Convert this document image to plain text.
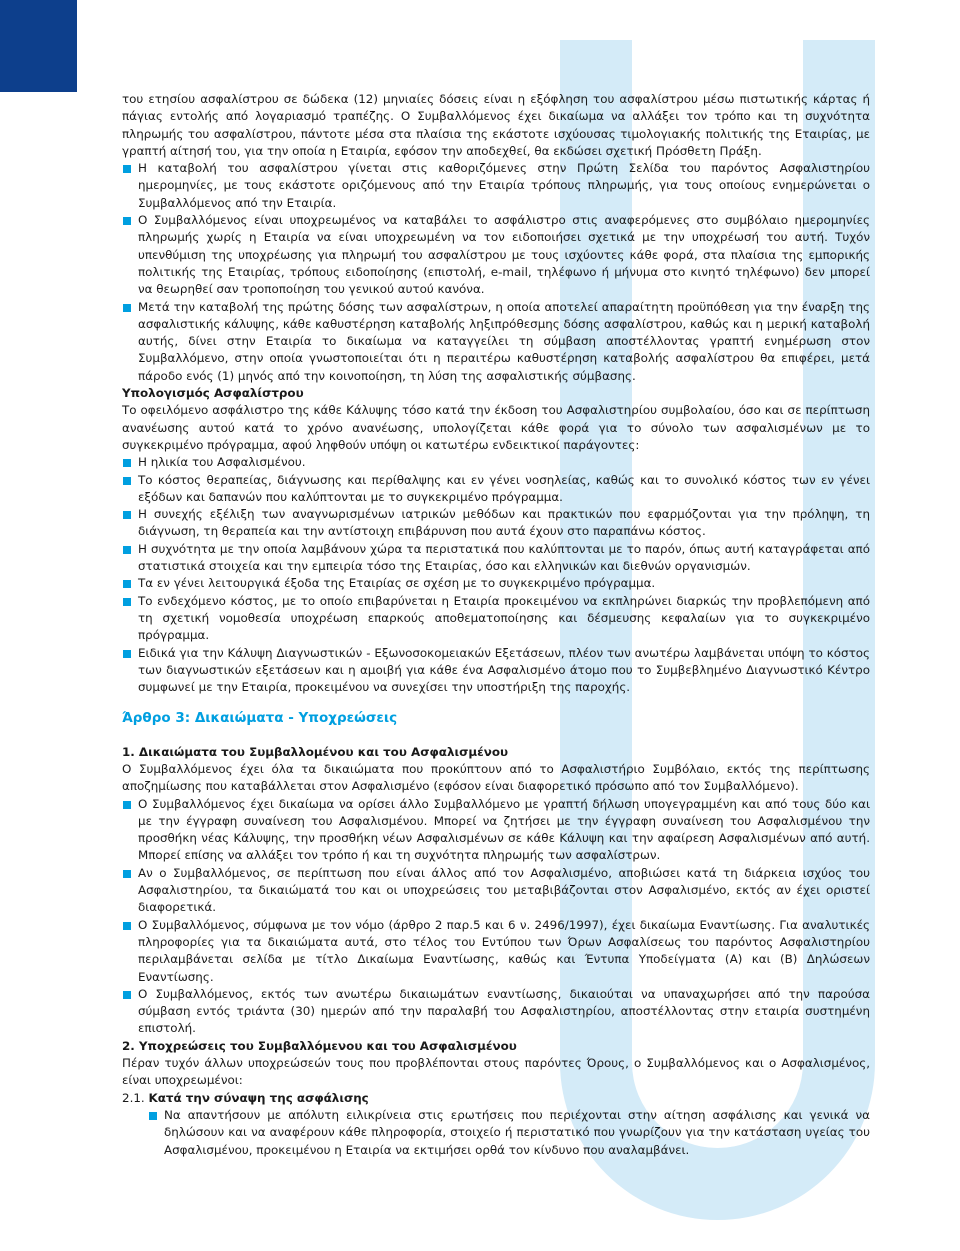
του ετησίου ασφαλίστρου σε δώδεκα (12) μηνιαίες δόσεις είναι η εξόφληση του ασφαλίστρου μέσω πιστωτικής κάρτας ή πάγιας εντολής από λογαριασμό τραπέζης. Ο Συμβαλλόμενος έχει δικαίωμα να αλλάξει τον τρόπο και τη συχνότητα πληρωμής του ασφαλίστρου, πάντοτε μέσα στα πλαίσια της εκάστοτε ισχύουσας τιμολογιακής πολιτικής της Εταιρίας, με γραπτή αίτησή του, για την οποία η Εταιρία, εφόσον την αποδεχθεί, θα εκδώσει σχετική Πρόσθετη Πράξη.

Η καταβολή του ασφαλίστρου γίνεται στις καθοριζόμενες στην Πρώτη Σελίδα του παρόντος Ασφαλιστηρίου ημερομηνίες, με τους εκάστοτε οριζόμενους από την Εταιρία τρόπους πληρωμής, για τους οποίους ενημερώνεται ο Συμβαλλόμενος από την Εταιρία.
Ο Συμβαλλόμενος είναι υποχρεωμένος να καταβάλει το ασφάλιστρο στις αναφερόμενες στο συμβόλαιο ημερομηνίες πληρωμής χωρίς η Εταιρία να είναι υποχρεωμένη να τον ειδοποιήσει σχετικά με την υποχρέωσή του αυτή. Τυχόν υπενθύμιση της υποχρέωσης για πληρωμή του ασφαλίστρου με τους ισχύοντες κάθε φορά, στα πλαίσια της εμπορικής πολιτικής της Εταιρίας, τρόπους ειδοποίησης (επιστολή, e-mail, τηλέφωνο ή μήνυμα στο κινητό τηλέφωνο) δεν μπορεί να θεωρηθεί σαν τροποποίηση του γενικού αυτού κανόνα.
Μετά την καταβολή της πρώτης δόσης των ασφαλίστρων, η οποία αποτελεί απαραίτητη προϋπόθεση για την έναρξη της ασφαλιστικής κάλυψης, κάθε καθυστέρηση καταβολής ληξιπρόθεσμης δόσης ασφαλίστρου, καθώς και η μερική καταβολή αυτής, δίνει στην Εταιρία το δικαίωμα να καταγγείλει τη σύμβαση αποστέλλοντας γραπτή ενημέρωση στον Συμβαλλόμενο, στην οποία γνωστοποιείται ότι η περαιτέρω καθυστέρηση καταβολής ασφαλίστρου θα επιφέρει, μετά πάροδο ενός (1) μηνός από την κοινοποίηση, τη λύση της ασφαλιστικής σύμβασης.

Υπολογισμός Ασφαλίστρου

Το οφειλόμενο ασφάλιστρο της κάθε Κάλυψης τόσο κατά την έκδοση του Ασφαλιστηρίου συμβολαίου, όσο και σε περίπτωση ανανέωσης αυτού κατά το χρόνο ανανέωσης, υπολογίζεται κάθε φορά για το σύνολο των ασφαλισμένων με το συγκεκριμένο πρόγραμμα, αφού ληφθούν υπόψη οι κατωτέρω ενδεικτικοί παράγοντες:

Η ηλικία του Ασφαλισμένου.
Το κόστος θεραπείας, διάγνωσης και περίθαλψης και εν γένει νοσηλείας, καθώς και το συνολικό κόστος των εν γένει εξόδων και δαπανών που καλύπτονται με το συγκεκριμένο πρόγραμμα.
Η συνεχής εξέλιξη των αναγνωρισμένων ιατρικών μεθόδων και πρακτικών που εφαρμόζονται για την πρόληψη, τη διάγνωση, τη θεραπεία και την αντίστοιχη επιβάρυνση που αυτά έχουν στο παραπάνω κόστος.
Η συχνότητα με την οποία λαμβάνουν χώρα τα περιστατικά που καλύπτονται με το παρόν, όπως αυτή καταγράφεται από στατιστικά στοιχεία και την εμπειρία τόσο της Εταιρίας, όσο και ελληνικών και διεθνών οργανισμών.
Τα εν γένει λειτουργικά έξοδα της Εταιρίας σε σχέση με το συγκεκριμένο πρόγραμμα.
Το ενδεχόμενο κόστος, με το οποίο επιβαρύνεται η Εταιρία προκειμένου να εκπληρώνει διαρκώς την προβλεπόμενη από τη σχετική νομοθεσία υποχρέωση επαρκούς αποθεματοποίησης και δέσμευσης κεφαλαίων για το συγκεκριμένο πρόγραμμα.
Ειδικά για την Κάλυψη Διαγνωστικών - Εξωνοσοκομειακών Εξετάσεων, πλέον των ανωτέρω λαμβάνεται υπόψη το κόστος των διαγνωστικών εξετάσεων και η αμοιβή για κάθε ένα Ασφαλισμένο άτομο που το Συμβεβλημένο Διαγνωστικό Κέντρο συμφωνεί με την Εταιρία, προκειμένου να συνεχίσει την υποστήριξη της παροχής.
Άρθρο 3: Δικαιώματα - Υποχρεώσεις

1. Δικαιώματα του Συμβαλλομένου και του Ασφαλισμένου

Ο Συμβαλλόμενος έχει όλα τα δικαιώματα που προκύπτουν από το Ασφαλιστήριο Συμβόλαιο, εκτός της περίπτωσης αποζημίωσης που καταβάλλεται στον Ασφαλισμένο (εφόσον είναι διαφορετικό πρόσωπο από τον Συμβαλλόμενο).

Ο Συμβαλλόμενος έχει δικαίωμα να ορίσει άλλο Συμβαλλόμενο με γραπτή δήλωση υπογεγραμμένη και από τους δύο και με την έγγραφη συναίνεση του Ασφαλισμένου. Μπορεί να ζητήσει με την έγγραφη συναίνεση του Ασφαλισμένου την προσθήκη νέας Κάλυψης, την προσθήκη νέων Ασφαλισμένων σε κάθε Κάλυψη και την αφαίρεση Ασφαλισμένων από αυτή. Μπορεί επίσης να αλλάξει τον τρόπο ή και τη συχνότητα πληρωμής των ασφαλίστρων.
Αν ο Συμβαλλόμενος, σε περίπτωση που είναι άλλος από τον Ασφαλισμένο, αποβιώσει κατά τη διάρκεια ισχύος του Ασφαλιστηρίου, τα δικαιώματά του και οι υποχρεώσεις του μεταβιβάζονται στον Ασφαλισμένο, εκτός αν έχει οριστεί διαφορετικά.
Ο Συμβαλλόμενος, σύμφωνα με τον νόμο (άρθρο 2 παρ.5 και 6 ν. 2496/1997), έχει δικαίωμα Εναντίωσης. Για αναλυτικές πληροφορίες για τα δικαιώματα αυτά, στο τέλος του Εντύπου των Όρων Ασφαλίσεως του παρόντος Ασφαλιστηρίου περιλαμβάνεται σελίδα με τίτλο Δικαίωμα Εναντίωσης, καθώς και Έντυπα Υποδείγματα (Α) και (Β) Δηλώσεων Εναντίωσης.
Ο Συμβαλλόμενος, εκτός των ανωτέρω δικαιωμάτων εναντίωσης, δικαιούται να υπαναχωρήσει από την παρούσα σύμβαση εντός τριάντα (30) ημερών από την παραλαβή του Ασφαλιστηρίου, αποστέλλοντας στην εταιρία συστημένη επιστολή.

2. Υποχρεώσεις του Συμβαλλόμενου και του Ασφαλισμένου

Πέραν τυχόν άλλων υποχρεώσεών τους που προβλέπονται στους παρόντες Όρους, ο Συμβαλλόμενος και ο Ασφαλισμένος, είναι υποχρεωμένοι:

2.1. Κατά την σύναψη της ασφάλισης

Να απαντήσουν με απόλυτη ειλικρίνεια στις ερωτήσεις που περιέχονται στην αίτηση ασφάλισης και γενικά να δηλώσουν και να αναφέρουν κάθε πληροφορία, στοιχείο ή περιστατικό που γνωρίζουν για την κατάσταση υγείας του Ασφαλισμένου, προκειμένου η Εταιρία να εκτιμήσει ορθά τον κίνδυνο που αναλαμβάνει.
